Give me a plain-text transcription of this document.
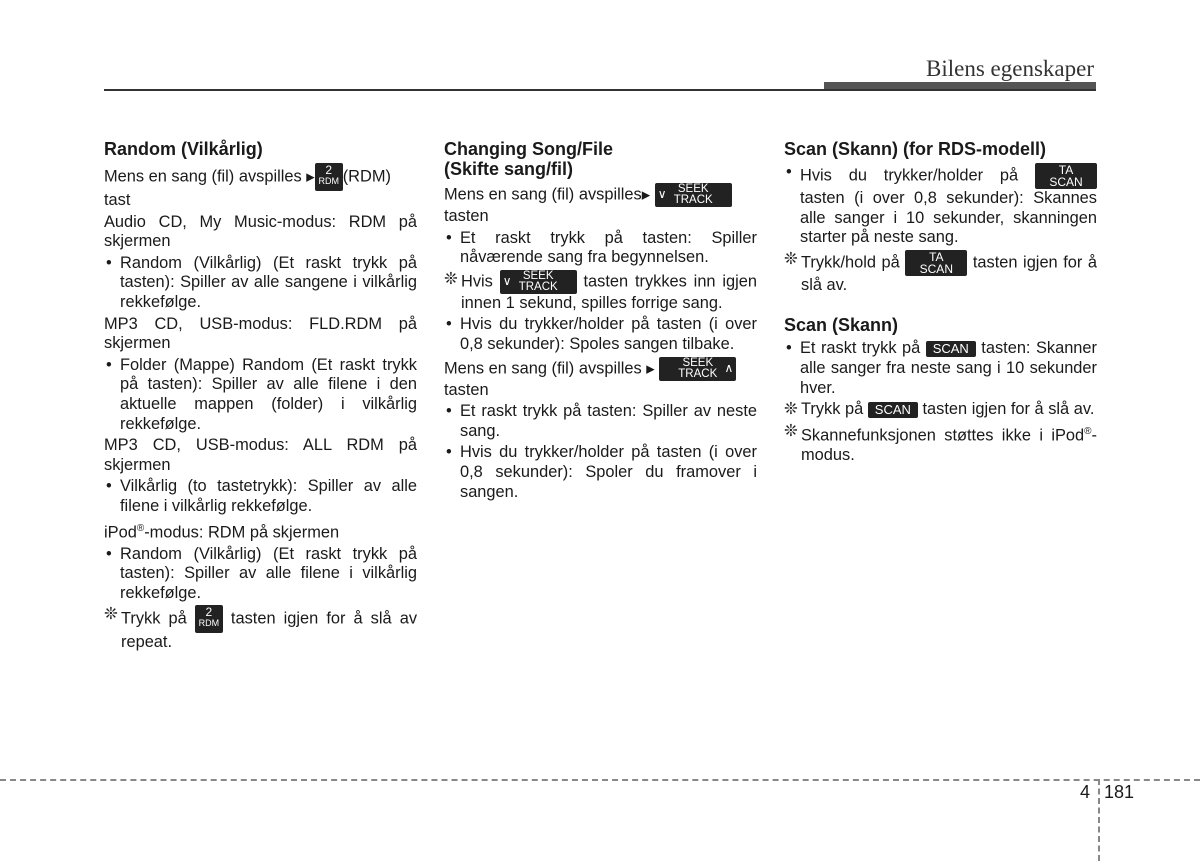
Bilens egenskaper
Random (Vilkårlig)

Mens en sang (fil) avspilles ▶
2
RDM (RDM)
tast

Audio CD, My Music-modus: RDM på skjermen

• Random (Vilkårlig) (Et raskt trykk på tasten): Spiller av alle sangene i vilkårlig rekkefølge.

MP3 CD, USB-modus: FLD.RDM på skjermen

• Folder (Mappe) Random (Et raskt trykk på tasten): Spiller av alle filene i den aktuelle mappen (folder) i vilkårlig rekkefølge.

MP3 CD, USB-modus: ALL RDM på skjermen

• Vilkårlig (to tastetrykk): Spiller av alle filene i vilkårlig rekkefølge.

iPod®-modus: RDM på skjermen

• Random (Vilkårlig) (Et raskt trykk på tasten): Spiller av alle filene i vilkårlig rekkefølge.
❊ Trykk på	2
RDM tasten igjen for å slå av repeat.
Changing Song/File
(Skifte sang/fil)

Mens en sang (fil) avspilles▶ ∨ SEEK
TRACK
tasten

• Et raskt trykk på tasten: Spiller nåværende sang fra begynnelsen.
❊ Hvis ∨ SEEK
TRACK tasten trykkes inn igjen innen 1 sekund, spilles forrige sang.
• Hvis du trykker/holder på tasten (i over 0,8 sekunder): Spoles sangen tilbake.

Mens en sang (fil) avspilles ▶	∧
SEEK
TRACK
tasten

• Et raskt trykk på tasten: Spiller av neste sang.
• Hvis du trykker/holder på tasten (i over 0,8 sekunder): Spoler du framover i sangen.
Scan (Skann) (for RDS-modell)
• Hvis du trykker/holder på	TA
SCAN tasten (i over 0,8 sekunder): Skannes alle sanger i 10 sekunder, skanningen starter på neste sang.
❊ Trykk/hold på TA
SCAN tasten igjen for å slå av.
Scan (Skann)
• Et raskt trykk på SCAN tasten: Skanner alle sanger fra neste sang i 10 sekunder hver.
❊ Trykk på SCAN tasten igjen for å slå av.
❊ Skannefunksjonen støttes ikke i iPod®-modus.
4 181
